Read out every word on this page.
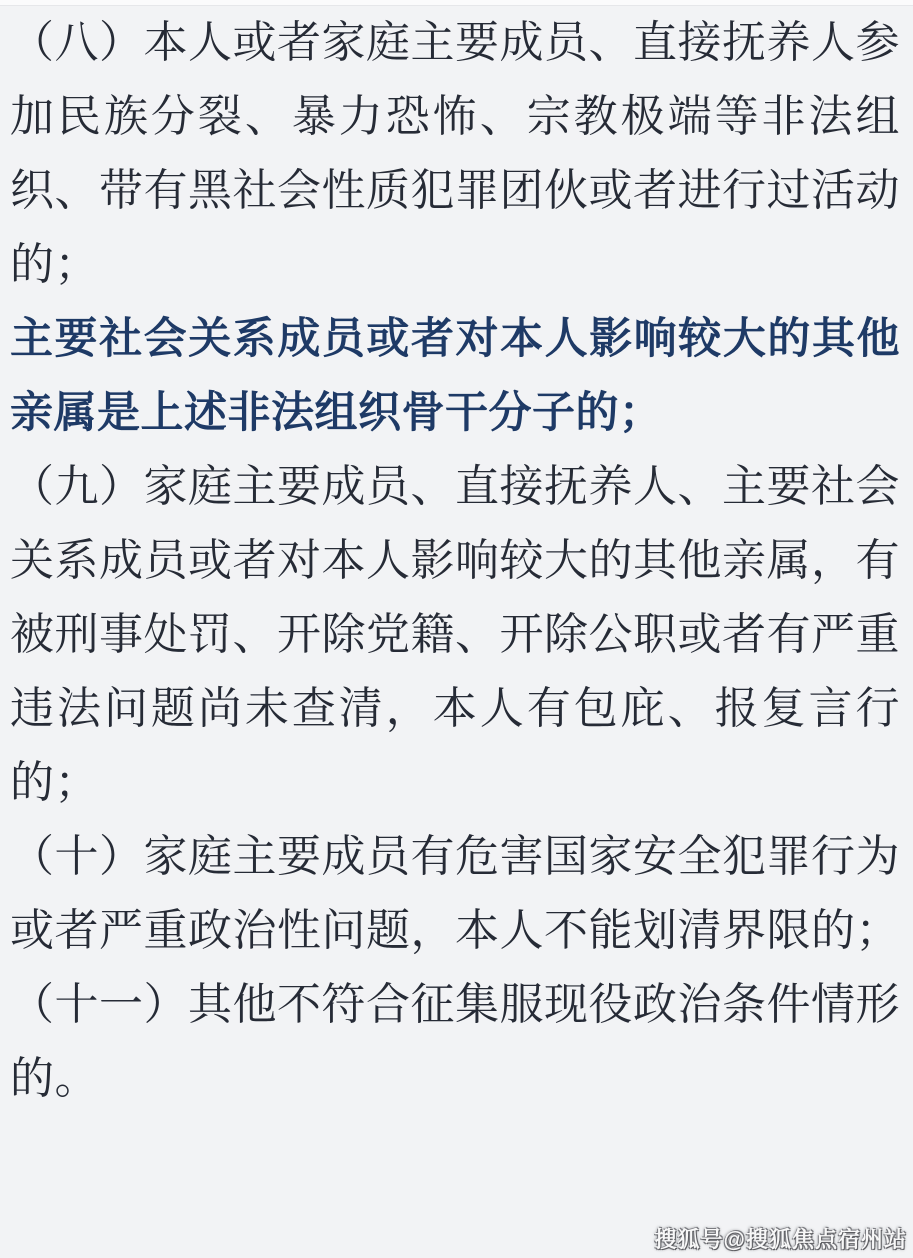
（八）本人或者家庭主要成员、直接抚养人参加民族分裂、暴力恐怖、宗教极端等非法组织、带有黑社会性质犯罪团伙或者进行过活动的；

主要社会关系成员或者对本人影响较大的其他亲属是上述非法组织骨干分子的；

（九）家庭主要成员、直接抚养人、主要社会关系成员或者对本人影响较大的其他亲属，有被刑事处罚、开除党籍、开除公职或者有严重违法问题尚未查清，本人有包庇、报复言行的；

（十）家庭主要成员有危害国家安全犯罪行为或者严重政治性问题，本人不能划清界限的；

（十一）其他不符合征集服现役政治条件情形的。

搜狐号@搜狐焦点宿州站
